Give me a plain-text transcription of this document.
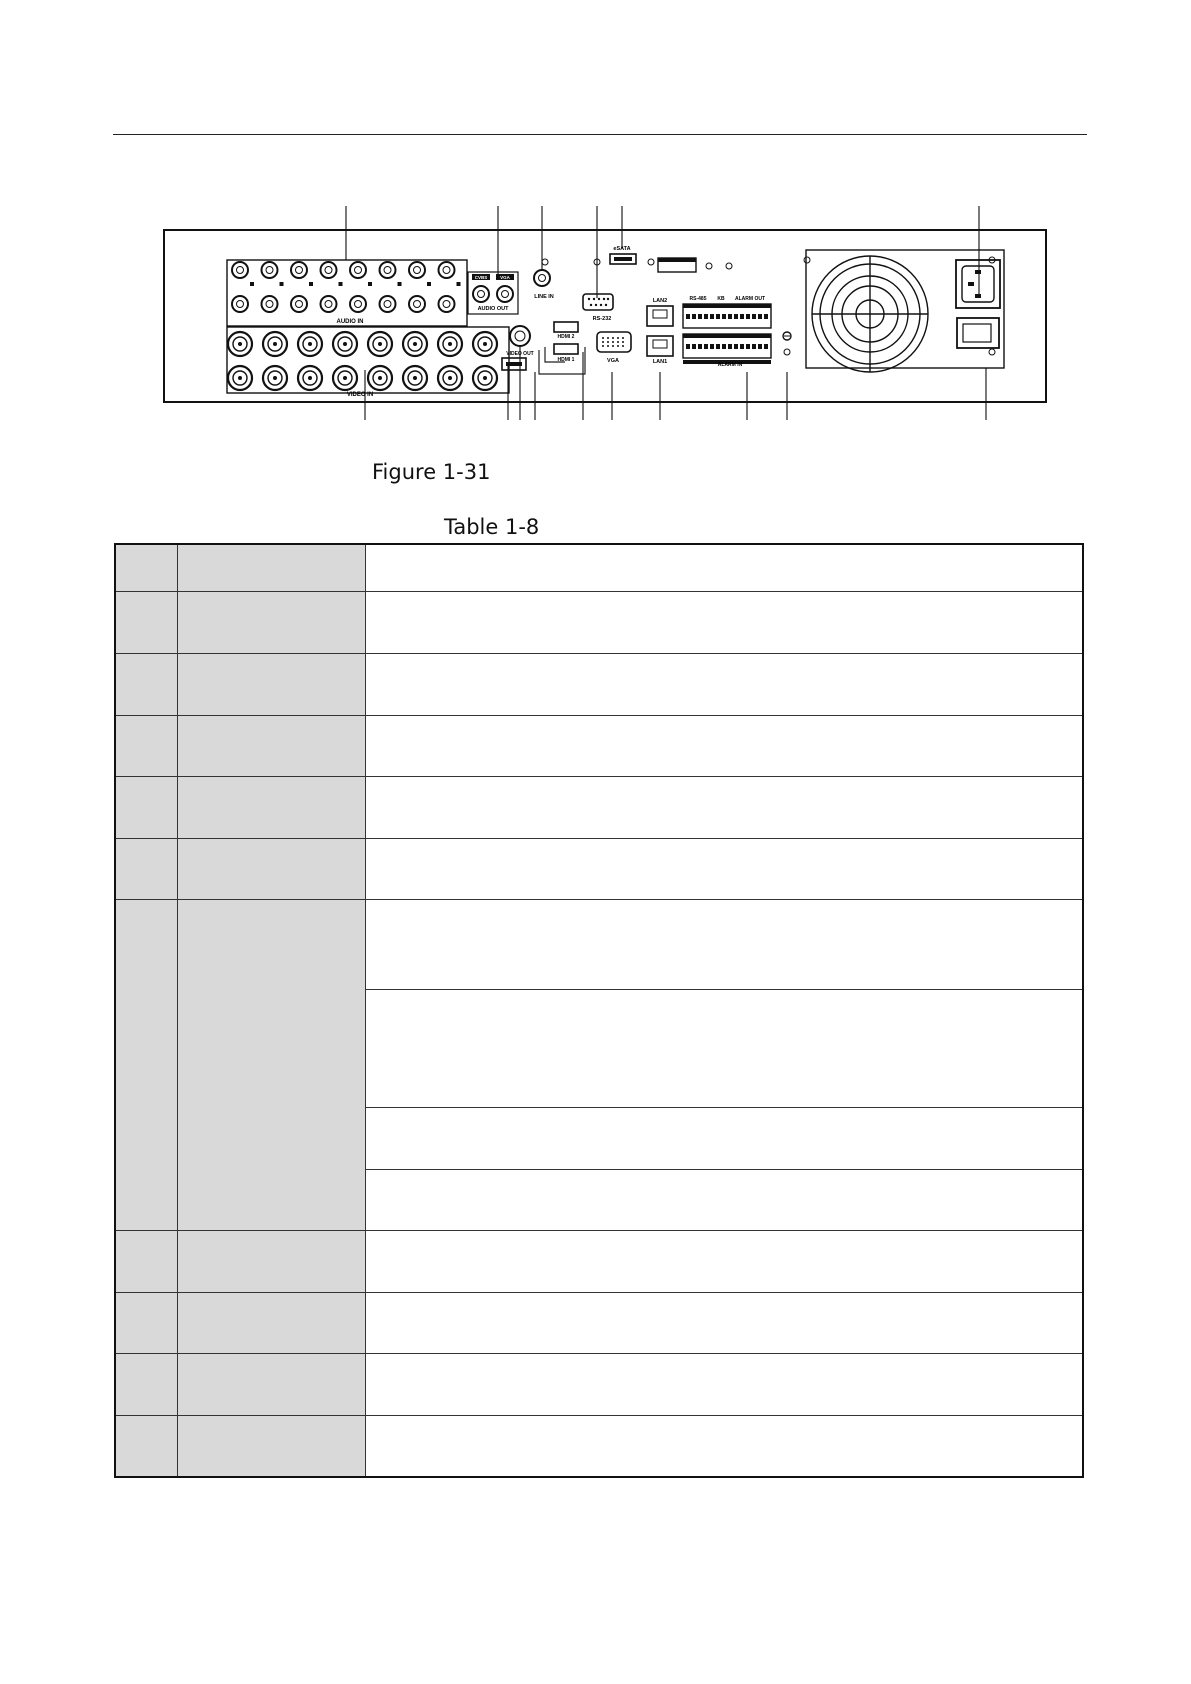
AUDIO IN
VIDEO IN
CVBS	VGA
AUDIO OUT
LINE IN
VIDEO OUT
eSATA
RS-232
HDMI 2
HDMI 1	VGA
LAN2
LAN1
RS-485 KB ALARM OUT
ALARM IN
Figure 1-31
Table 1-8
